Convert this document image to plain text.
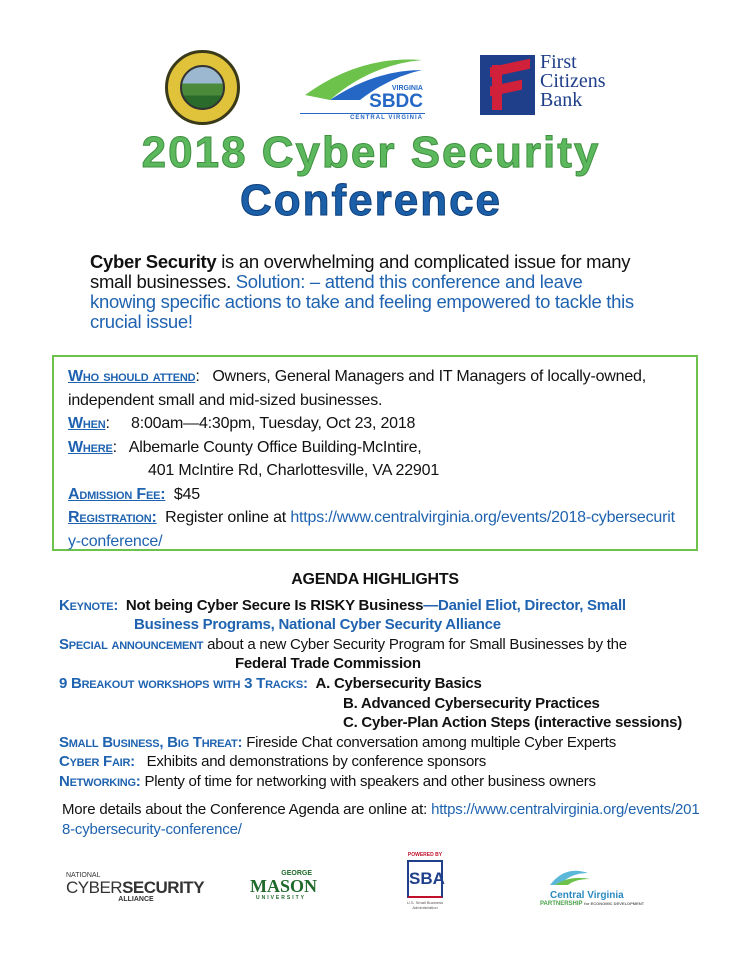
VIRGINIA
SBDC
CENTRAL VIRGINIA
First
Citizens
Bank
2018 Cyber Security
Conference
Cyber Security is an overwhelming and complicated issue for many small businesses. Solution: – attend this conference and leave knowing specific actions to take and feeling empowered to tackle this crucial issue!
Who should attend:   Owners, General Managers and IT Managers of locally-owned, independent small and mid-sized businesses.
When:     8:00am—4:30pm, Tuesday, Oct 23, 2018
Where:   Albemarle County Office Building-McIntire,
401 McIntire Rd, Charlottesville, VA 22901
Admission Fee: $45
Registration: Register online at https://www.centralvirginia.org/events/2018-cybersecurity-conference/
AGENDA HIGHLIGHTS
Keynote: Not being Cyber Secure Is RISKY Business—Daniel Eliot, Director, Small Business Programs, National Cyber Security Alliance
Special announcement about a new Cyber Security Program for Small Businesses by the
Federal Trade Commission
9 Breakout workshops with 3 Tracks: A. Cybersecurity Basics
B. Advanced Cybersecurity Practices
C. Cyber-Plan Action Steps (interactive sessions)
Small Business, Big Threat: Fireside Chat conversation among multiple Cyber Experts
Cyber Fair:   Exhibits and demonstrations by conference sponsors
Networking: Plenty of time for networking with speakers and other business owners
More details about the Conference Agenda are online at: https://www.centralvirginia.org/events/2018-cybersecurity-conference/
NATIONAL
CYBERSECURITY
ALLIANCE
GEORGE
MASON
UNIVERSITY
POWERED BY
SBA
U.S. Small Business Administration
Central Virginia
PARTNERSHIP for ECONOMIC DEVELOPMENT
